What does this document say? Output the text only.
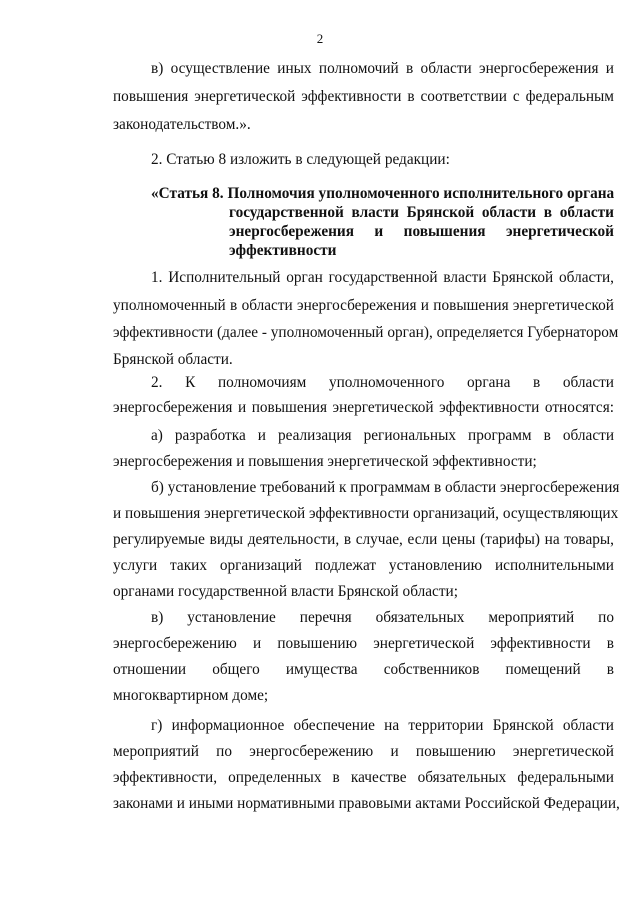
2
в) осуществление иных полномочий в области энергосбережения и
повышения энергетической эффективности в соответствии с федеральным
законодательством.».
2. Статью 8 изложить в следующей редакции:
«Статья 8. Полномочия уполномоченного исполнительного органа
государственной власти Брянской области в области
энергосбережения и повышения энергетической
эффективности
1. Исполнительный орган государственной власти Брянской области,
уполномоченный в области энергосбережения и повышения энергетической
эффективности (далее - уполномоченный орган), определяется Губернатором
Брянской области.
2. К полномочиям уполномоченного органа в области
энергосбережения и повышения энергетической эффективности относятся:
а) разработка и реализация региональных программ в области
энергосбережения и повышения энергетической эффективности;
б) установление требований к программам в области энергосбережения
и повышения энергетической эффективности организаций, осуществляющих
регулируемые виды деятельности, в случае, если цены (тарифы) на товары,
услуги таких организаций подлежат установлению исполнительными
органами государственной власти Брянской области;
в) установление перечня обязательных мероприятий по
энергосбережению и повышению энергетической эффективности в
отношении общего имущества собственников помещений в
многоквартирном доме;
г) информационное обеспечение на территории Брянской области
мероприятий по энергосбережению и повышению энергетической
эффективности, определенных в качестве обязательных федеральными
законами и иными нормативными правовыми актами Российской Федерации,
